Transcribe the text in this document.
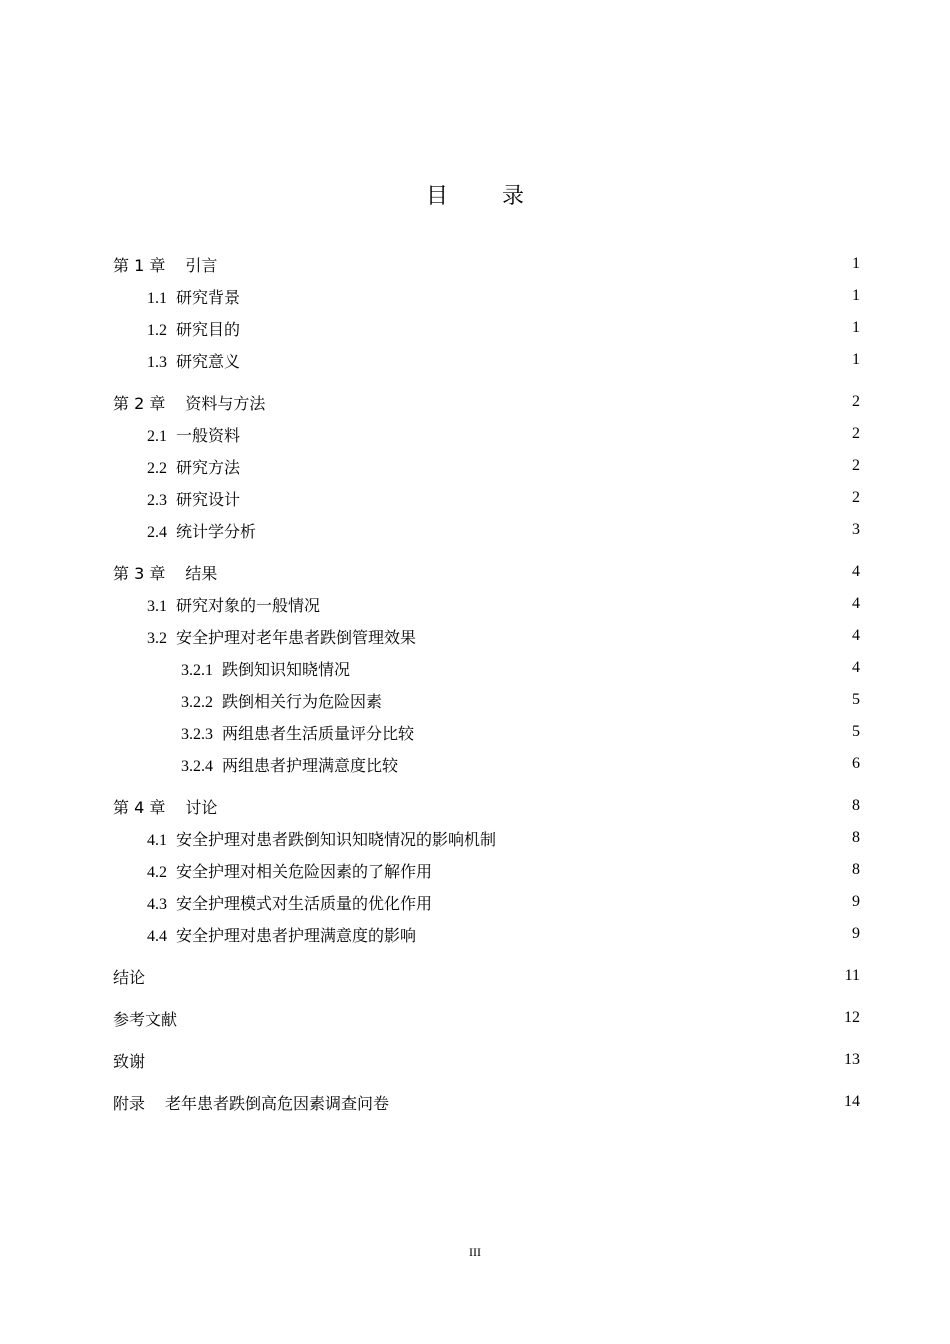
目 录
第 1 章 引言	1
1.1 研究背景	1
1.2 研究目的	1
1.3 研究意义	1
第 2 章 资料与方法	2
2.1 一般资料	2
2.2 研究方法	2
2.3 研究设计	2
2.4 统计学分析	3
第 3 章 结果	4
3.1 研究对象的一般情况	4
3.2 安全护理对老年患者跌倒管理效果	4
3.2.1 跌倒知识知晓情况	4
3.2.2 跌倒相关行为危险因素	5
3.2.3 两组患者生活质量评分比较	5
3.2.4 两组患者护理满意度比较	6
第 4 章 讨论	8
4.1 安全护理对患者跌倒知识知晓情况的影响机制	8
4.2 安全护理对相关危险因素的了解作用	8
4.3 安全护理模式对生活质量的优化作用	9
4.4 安全护理对患者护理满意度的影响	9
结论	11
参考文献	12
致谢	13
附录 老年患者跌倒高危因素调查问卷	14
III
